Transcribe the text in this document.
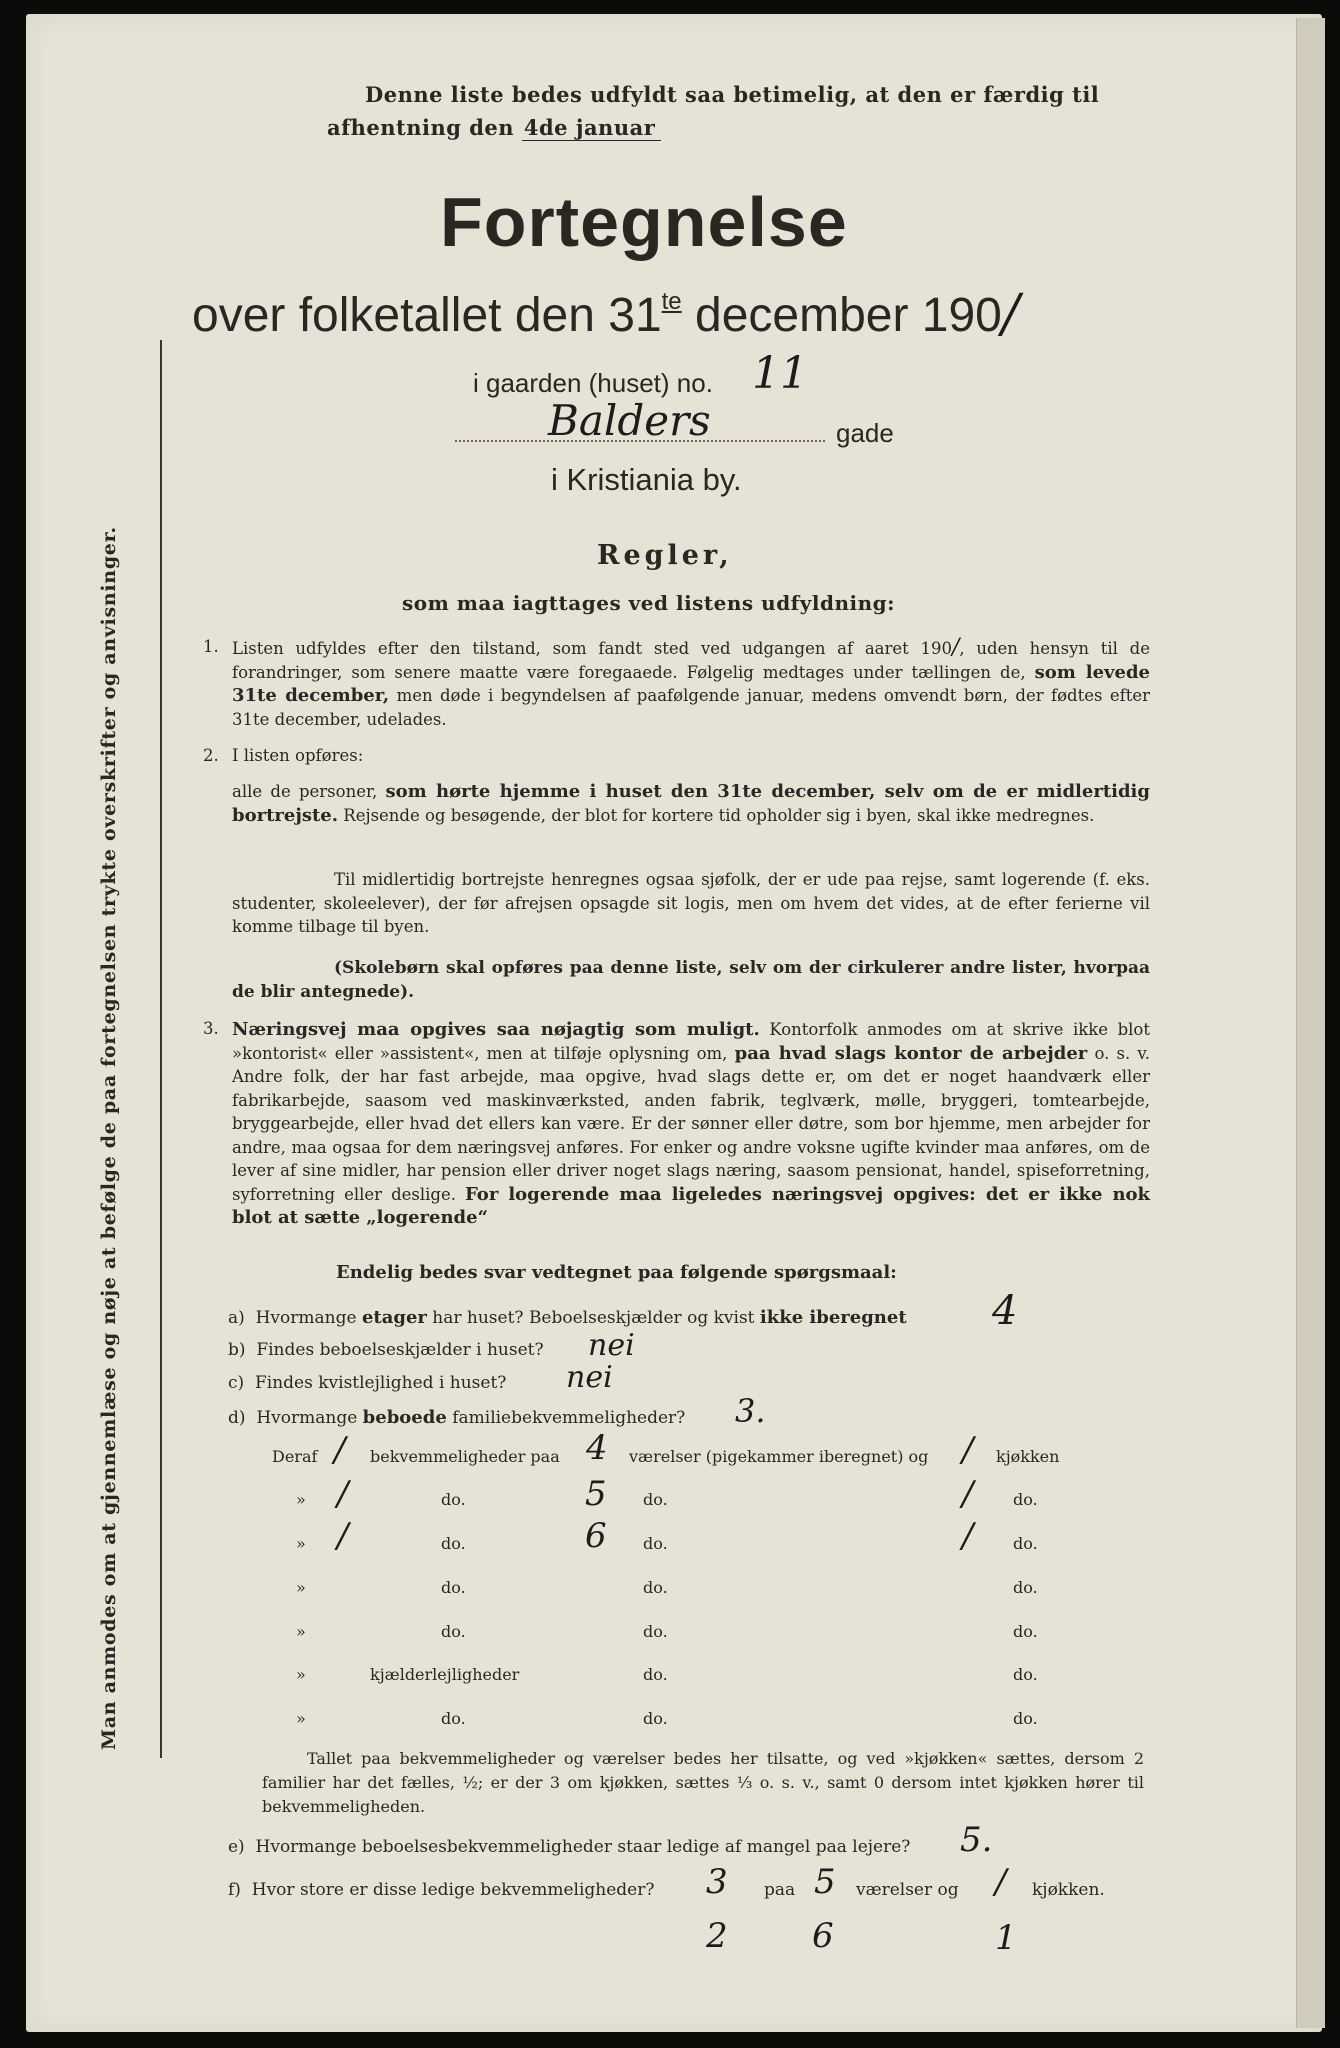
Denne liste bedes udfyldt saa betimelig, at den er færdig til
afhentning den 4de januar
Fortegnelse
over folketallet den $31^{te}$ december 190/
i gaarden (huset) no. 11
Balders	gade
i Kristiania by.
Man anmodes om at gjennemlæse og nøje at befølge de paa fortegnelsen trykte overskrifter og anvisninger.	Regler,
som maa iagttages ved listens udfyldning:
1. Listen udfyldes efter den tilstand, som fandt sted ved udgangen af aaret 190/, uden hensyn til de forandringer, som senere maatte være foregaaede. Følgelig medtages under tællingen de, som levede 31te december, men døde i begyndelsen af paafølgende januar, medens omvendt børn, der fødtes efter 31te december, udelades.
2. I listen opføres:
alle de personer, som hørte hjemme i huset den 31te december, selv om de er midlertidig bortrejste. Rejsende og besøgende, der blot for kortere tid opholder sig i byen, skal ikke medregnes.
Til midlertidig bortrejste henregnes ogsaa sjøfolk, der er ude paa rejse, samt logerende (f. eks. studenter, skoleelever), der før afrejsen opsagde sit logis, men om hvem det vides, at de efter ferierne vil komme tilbage til byen.
(Skolebørn skal opføres paa denne liste, selv om der cirkulerer andre lister, hvorpaa de blir antegnede).
3. Næringsvej maa opgives saa nøjagtig som muligt. Kontorfolk anmodes om at skrive ikke blot »kontorist« eller »assistent«, men at tilføje oplysning om, paa hvad slags kontor de arbejder o. s. v. Andre folk, der har fast arbejde, maa opgive, hvad slags dette er, om det er noget haandværk eller fabrikarbejde, saasom ved maskinværksted, anden fabrik, teglværk, mølle, bryggeri, tomtearbejde, bryggearbejde, eller hvad det ellers kan være. Er der sønner eller døtre, som bor hjemme, men arbejder for andre, maa ogsaa for dem næringsvej anføres. For enker og andre voksne ugifte kvinder maa anføres, om de lever af sine midler, har pension eller driver noget slags næring, saasom pensionat, handel, spiseforretning, syforretning eller deslige. For logerende maa ligeledes næringsvej opgives: det er ikke nok blot at sætte „logerende“
Endelig bedes svar vedtegnet paa følgende spørgsmaal:
a) Hvormange etager har huset? Beboelseskjælder og kvist ikke iberegnet 4
b) Findes beboelseskjælder i huset? nei
c) Findes kvistlejlighed i huset? nei
d) Hvormange beboede familiebekvemmeligheder? 3.
Deraf / bekvemmeligheder paa 4 værelser (pigekammer iberegnet) og / kjøkken
» /	do.	5 do.	/ do.
» /	do.	6 do.	/ do.
»	do.	do.	do.
»	do.	do.	do.
»	kjælderlejligheder	do.	do.
»	do.	do.	do.
Tallet paa bekvemmeligheder og værelser bedes her tilsatte, og ved »kjøkken« sættes, dersom 2 familier har det fælles, ½; er der 3 om kjøkken, sættes ⅓ o. s. v., samt 0 dersom intet kjøkken hører til bekvemmeligheden.
e) Hvormange beboelsesbekvemmeligheder staar ledige af mangel paa lejere? 5.
f) Hvor store er disse ledige bekvemmeligheder? 3 paa 5 værelser og / kjøkken.
2 6	1
